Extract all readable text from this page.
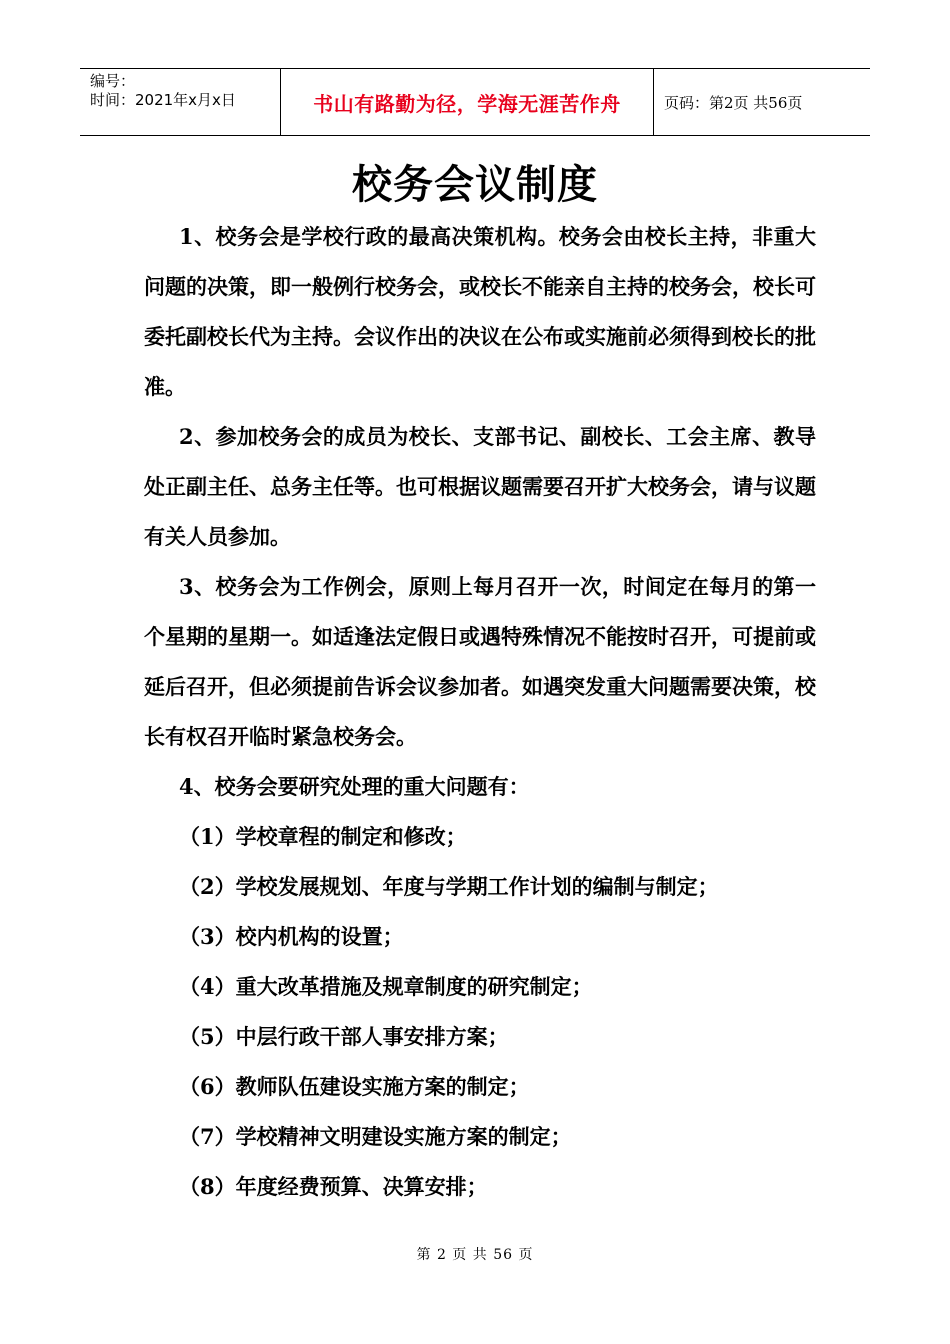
编号：
时间：2021年x月x日	书山有路勤为径，学海无涯苦作舟	页码：第2页 共56页
校务会议制度

1、校务会是学校行政的最高决策机构。校务会由校长主持，非重大问题的决策，即一般例行校务会，或校长不能亲自主持的校务会，校长可委托副校长代为主持。会议作出的决议在公布或实施前必须得到校长的批准。

2、参加校务会的成员为校长、支部书记、副校长、工会主席、教导处正副主任、总务主任等。也可根据议题需要召开扩大校务会，请与议题有关人员参加。

3、校务会为工作例会，原则上每月召开一次，时间定在每月的第一个星期的星期一。如适逢法定假日或遇特殊情况不能按时召开，可提前或延后召开，但必须提前告诉会议参加者。如遇突发重大问题需要决策，校长有权召开临时紧急校务会。

4、校务会要研究处理的重大问题有：

（1）学校章程的制定和修改；

（2）学校发展规划、年度与学期工作计划的编制与制定；

（3）校内机构的设置；

（4）重大改革措施及规章制度的研究制定；

（5）中层行政干部人事安排方案；

（6）教师队伍建设实施方案的制定；

（7）学校精神文明建设实施方案的制定；

（8）年度经费预算、决算安排；

第 2 页 共 56 页
